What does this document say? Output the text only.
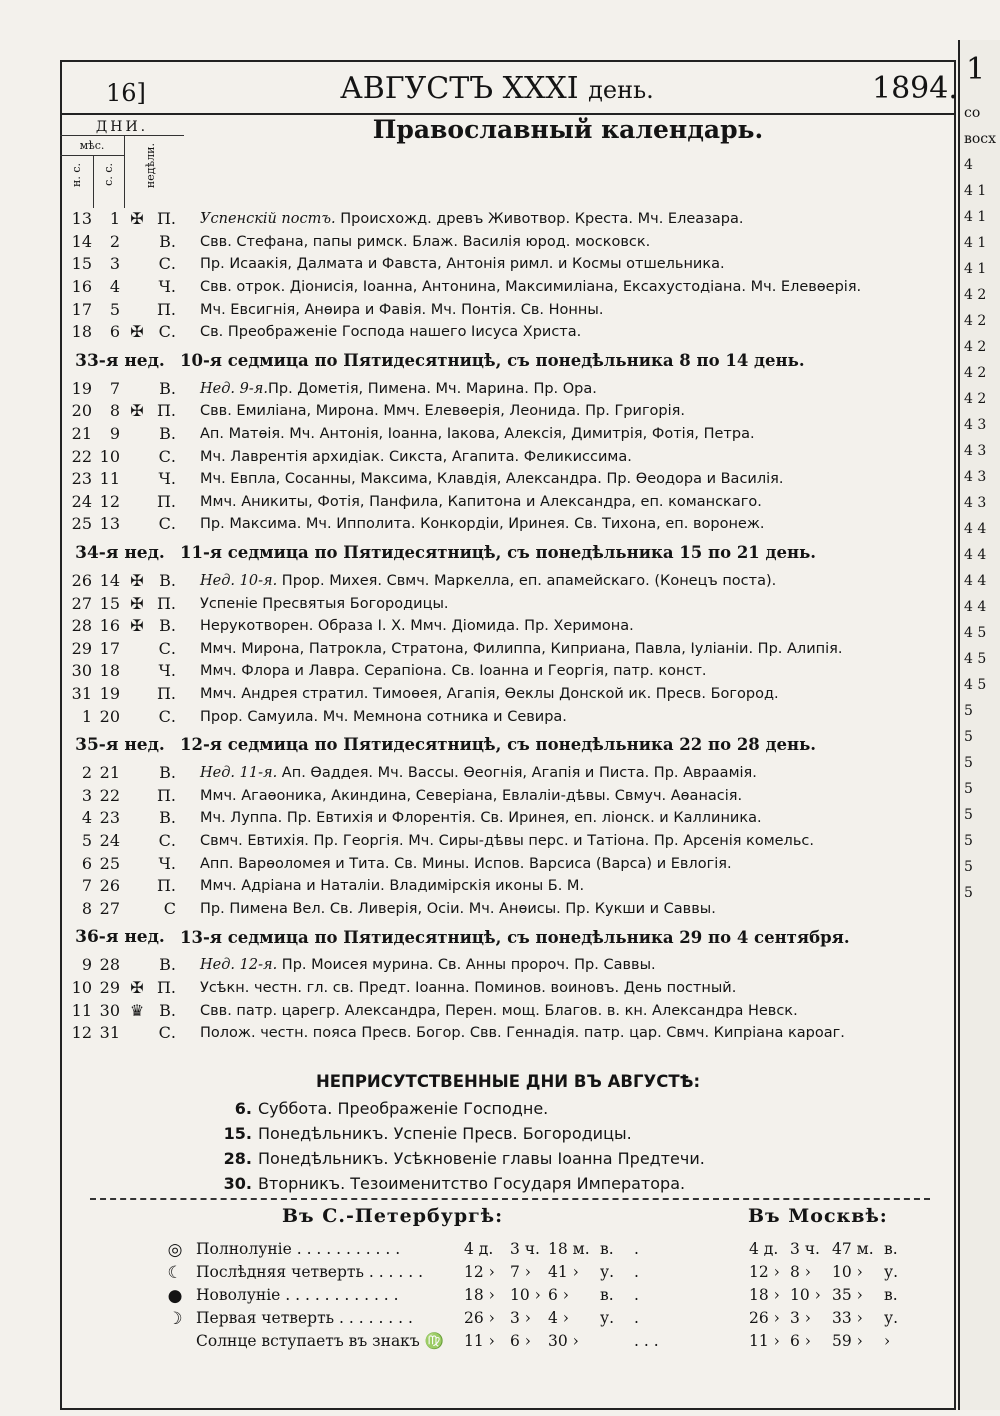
1
со
восх
4
4 1
4 1
4 1
4 1
4 2
4 2
4 2
4 2
4 2
4 3
4 3
4 3
4 3
4 4
4 4
4 4
4 4
4 5
4 5
4 5
5
5
5
5
5
5
5
5
16]	АВГУСТЪ XXXI день.	1894.
ДНИ.
мѣс.
н. с. с. с. недѣли.				Православный календарь.
13	1	✠	П.	Успенскій постъ. Происхожд. древъ Животвор. Креста. Мч. Елеазара.
14	2		В.	Свв. Стефана, папы римск. Блаж. Василія юрод. московск.
15	3		С.	Пр. Исаакія, Далмата и Фавста, Антонія римл. и Космы отшельника.
16	4		Ч.	Свв. отрок. Діонисія, Іоанна, Антонина, Максимиліана, Ексахустодіана. Мч. Елевѳерія.
17	5		П.	Мч. Евсигнія, Анѳира и Фавія. Мч. Понтія. Св. Нонны.
18	6	✠	С.	Св. Преображеніе Господа нашего Іисуса Христа.
33-я нед.				10-я седмица по Пятидесятницѣ, съ понедѣльника 8 по 14 день.
19	7		В.	Нед. 9-я.Пр. Дометія, Пимена. Мч. Марина. Пр. Ора.
20	8	✠	П.	Свв. Емиліана, Мирона. Ммч. Елевѳерія, Леонида. Пр. Григорія.
21	9		В.	Ап. Матѳія. Мч. Антонія, Іоанна, Іакова, Алексія, Димитрія, Фотія, Петра.
22	10		С.	Мч. Лаврентія архидіак. Сикста, Агапита. Феликиссима.
23	11		Ч.	Мч. Евпла, Сосанны, Максима, Клавдія, Александра. Пр. Ѳеодора и Василія.
24	12		П.	Ммч. Аникиты, Фотія, Панфила, Капитона и Александра, еп. команскаго.
25	13		С.	Пр. Максима. Мч. Ипполита. Конкордіи, Иринея. Св. Тихона, еп. воронеж.
34-я нед.				11-я седмица по Пятидесятницѣ, съ понедѣльника 15 по 21 день.
26	14	✠	В.	Нед. 10-я. Прор. Михея. Свмч. Маркелла, еп. апамейскаго. (Конецъ поста).
27	15	✠	П.	Успеніе Пресвятыя Богородицы.
28	16	✠	В.	Нерукотворен. Образа І. Х. Ммч. Діомида. Пр. Херимона.
29	17		С.	Ммч. Мирона, Патрокла, Стратона, Филиппа, Киприана, Павла, Іуліаніи. Пр. Алипія.
30	18		Ч.	Ммч. Флора и Лавра. Серапіона. Св. Іоанна и Георгія, патр. конст.
31	19		П.	Ммч. Андрея стратил. Тимоѳея, Агапія, Ѳеклы Донской ик. Пресв. Богород.
1	20		С.	Прор. Самуила. Мч. Мемнона сотника и Севира.
35-я нед.				12-я седмица по Пятидесятницѣ, съ понедѣльника 22 по 28 день.
2	21		В.	Нед. 11-я. Ап. Ѳаддея. Мч. Вассы. Ѳеогнія, Агапія и Писта. Пр. Авраамія.
3	22		П.	Ммч. Агаѳоника, Акиндина, Северіана, Евлаліи-дѣвы. Свмуч. Аѳанасія.
4	23		В.	Мч. Луппа. Пр. Евтихія и Флорентія. Св. Иринея, еп. ліонск. и Каллиника.
5	24		С.	Свмч. Евтихія. Пр. Георгія. Мч. Сиры-дѣвы перс. и Татіона. Пр. Арсенія комельс.
6	25		Ч.	Апп. Варѳоломея и Тита. Св. Мины. Испов. Варсиса (Варса) и Евлогія.
7	26		П.	Ммч. Адріана и Наталіи. Владимірскія иконы Б. М.
8	27		С	Пр. Пимена Вел. Св. Ливерія, Осіи. Мч. Анѳисы. Пр. Кукши и Саввы.
36-я нед.				13-я седмица по Пятидесятницѣ, съ понедѣльника 29 по 4 сентября.
9	28		В.	Нед. 12-я. Пр. Моисея мурина. Св. Анны пророч. Пр. Саввы.
10	29	✠	П.	Усѣкн. честн. гл. св. Предт. Іоанна. Поминов. воиновъ. День постный.
11	30	♛	В.	Свв. патр. царегр. Александра, Перен. мощ. Благов. в. кн. Александра Невск.
12	31		С.	Полож. честн. пояса Пресв. Богор. Свв. Геннадія. патр. цар. Свмч. Кипріана кароаг.
НЕПРИСУТСТВЕННЫЕ ДНИ ВЪ АВГУСТѢ:
6. Суббота. Преображеніе Господне.
15. Понедѣльникъ. Успеніе Пресв. Богородицы.
28. Понедѣльникъ. Усѣкновеніе главы Іоанна Предтечи.
30. Вторникъ. Тезоименитство Государя Императора.
Въ С.-Петербургѣ:	Въ Москвѣ:
◎ Полнолуніе . . . . . . . . . . .	4 д. 3 ч. 18 м. в. .	4 д. 3 ч. 47 м. в.
☾ Послѣдняя четверть . . . . . .	12 › 7 › 41 › у. .	12 › 8 › 10 › у.
● Новолуніе . . . . . . . . . . . .	18 › 10 › 6 › в. .	18 › 10 › 35 › в.
☽ Первая четверть . . . . . . . .	26 › 3 › 4 › у. .	26 › 3 › 33 › у.
Солнце вступаетъ въ знакъ ♍ 11 › 6 › 30 ›	. . .	11 › 6 › 59 › ›
